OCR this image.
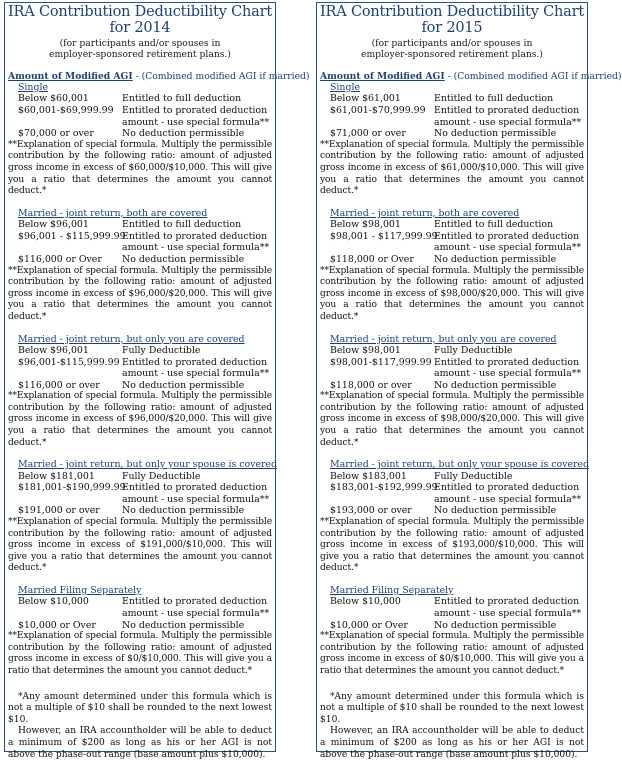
IRA Contribution Deductibility Chart
for 2014
(for participants and/or spouses in
employer-sponsored retirement plans.)
Amount of Modified AGI - (Combined modified AGI if married)
Single
Below $60,001	Entitled to full deduction
$60,001-$69,999.99 Entitled to prorated deduction amount - use special formula**
$70,000 or over	No deduction permissible
**Explanation of special formula. Multiply the permissible contribution by the following ratio: amount of adjusted gross income in excess of $60,000/$10,000. This will give you a ratio that determines the amount you cannot deduct.*
Married - joint return, both are covered
Below $96,001	Entitled to full deduction
$96,001 - $115,999.99
Entitled to prorated deduction amount - use special formula**
$116,000 or Over	No deduction permissible
**Explanation of special formula. Multiply the permissible contribution by the following ratio: amount of adjusted gross income in excess of $96,000/$20,000. This will give you a ratio that determines the amount you cannot deduct.*
Married - joint return, but only you are covered
Below $96,001	Fully Deductible
$96,001-$115,999.99 Entitled to prorated deduction amount - use special formula**
$116,000 or over	No deduction permissible
**Explanation of special formula. Multiply the permissible contribution by the following ratio: amount of adjusted gross income in excess of $96,000/$20,000. This will give you a ratio that determines the amount you cannot deduct.*
Married - joint return, but only your spouse is covered
Below $181,001	Fully Deductible
$181,001-$190,999.99
Entitled to prorated deduction amount - use special formula**
$191,000 or over	No deduction permissible
**Explanation of special formula. Multiply the permissible contribution by the following ratio: amount of adjusted gross income in excess of $191,000/$10,000. This will give you a ratio that determines the amount you cannot deduct.*
Married Filing Separately
Below $10,000	Entitled to prorated deduction amount - use special formula**
$10,000 or Over	No deduction permissible
**Explanation of special formula. Multiply the permissible contribution by the following ratio: amount of adjusted gross income in excess of $0/$10,000. This will give you a ratio that determines the amount you cannot deduct.*
*Any amount determined under this formula which is not a multiple of $10 shall be rounded to the next lowest $10.
However, an IRA accountholder will be able to deduct a minimum of $200 as long as his or her AGI is not above the phase-out range (base amount plus $10,000).
IRA Contribution Deductibility Chart
for 2015
(for participants and/or spouses in
employer-sponsored retirement plans.)
Amount of Modified AGI - (Combined modified AGI if married)
Single
Below $61,001	Entitled to full deduction
$61,001-$70,999.99 Entitled to prorated deduction amount - use special formula**
$71,000 or over	No deduction permissible
**Explanation of special formula. Multiply the permissible contribution by the following ratio: amount of adjusted gross income in excess of $61,000/$10,000. This will give you a ratio that determines the amount you cannot deduct.*
Married - joint return, both are covered
Below $98,001	Entitled to full deduction
$98,001 - $117,999.99
Entitled to prorated deduction amount - use special formula**
$118,000 or Over	No deduction permissible
**Explanation of special formula. Multiply the permissible contribution by the following ratio: amount of adjusted gross income in excess of $98,000/$20,000. This will give you a ratio that determines the amount you cannot deduct.*
Married - joint return, but only you are covered
Below $98,001	Fully Deductible
$98,001-$117,999.99 Entitled to prorated deduction amount - use special formula**
$118,000 or over	No deduction permissible
**Explanation of special formula. Multiply the permissible contribution by the following ratio: amount of adjusted gross income in excess of $98,000/$20,000. This will give you a ratio that determines the amount you cannot deduct.*
Married - joint return, but only your spouse is covered
Below $183,001	Fully Deductible
$183,001-$192,999.99
Entitled to prorated deduction amount - use special formula**
$193,000 or over	No deduction permissible
**Explanation of special formula. Multiply the permissible contribution by the following ratio: amount of adjusted gross income in excess of $193,000/$10,000. This will give you a ratio that determines the amount you cannot deduct.*
Married Filing Separately
Below $10,000	Entitled to prorated deduction amount - use special formula**
$10,000 or Over	No deduction permissible
**Explanation of special formula. Multiply the permissible contribution by the following ratio: amount of adjusted gross income in excess of $0/$10,000. This will give you a ratio that determines the amount you cannot deduct.*
*Any amount determined under this formula which is not a multiple of $10 shall be rounded to the next lowest $10.
However, an IRA accountholder will be able to deduct a minimum of $200 as long as his or her AGI is not above the phase-out range (base amount plus $10,000).
